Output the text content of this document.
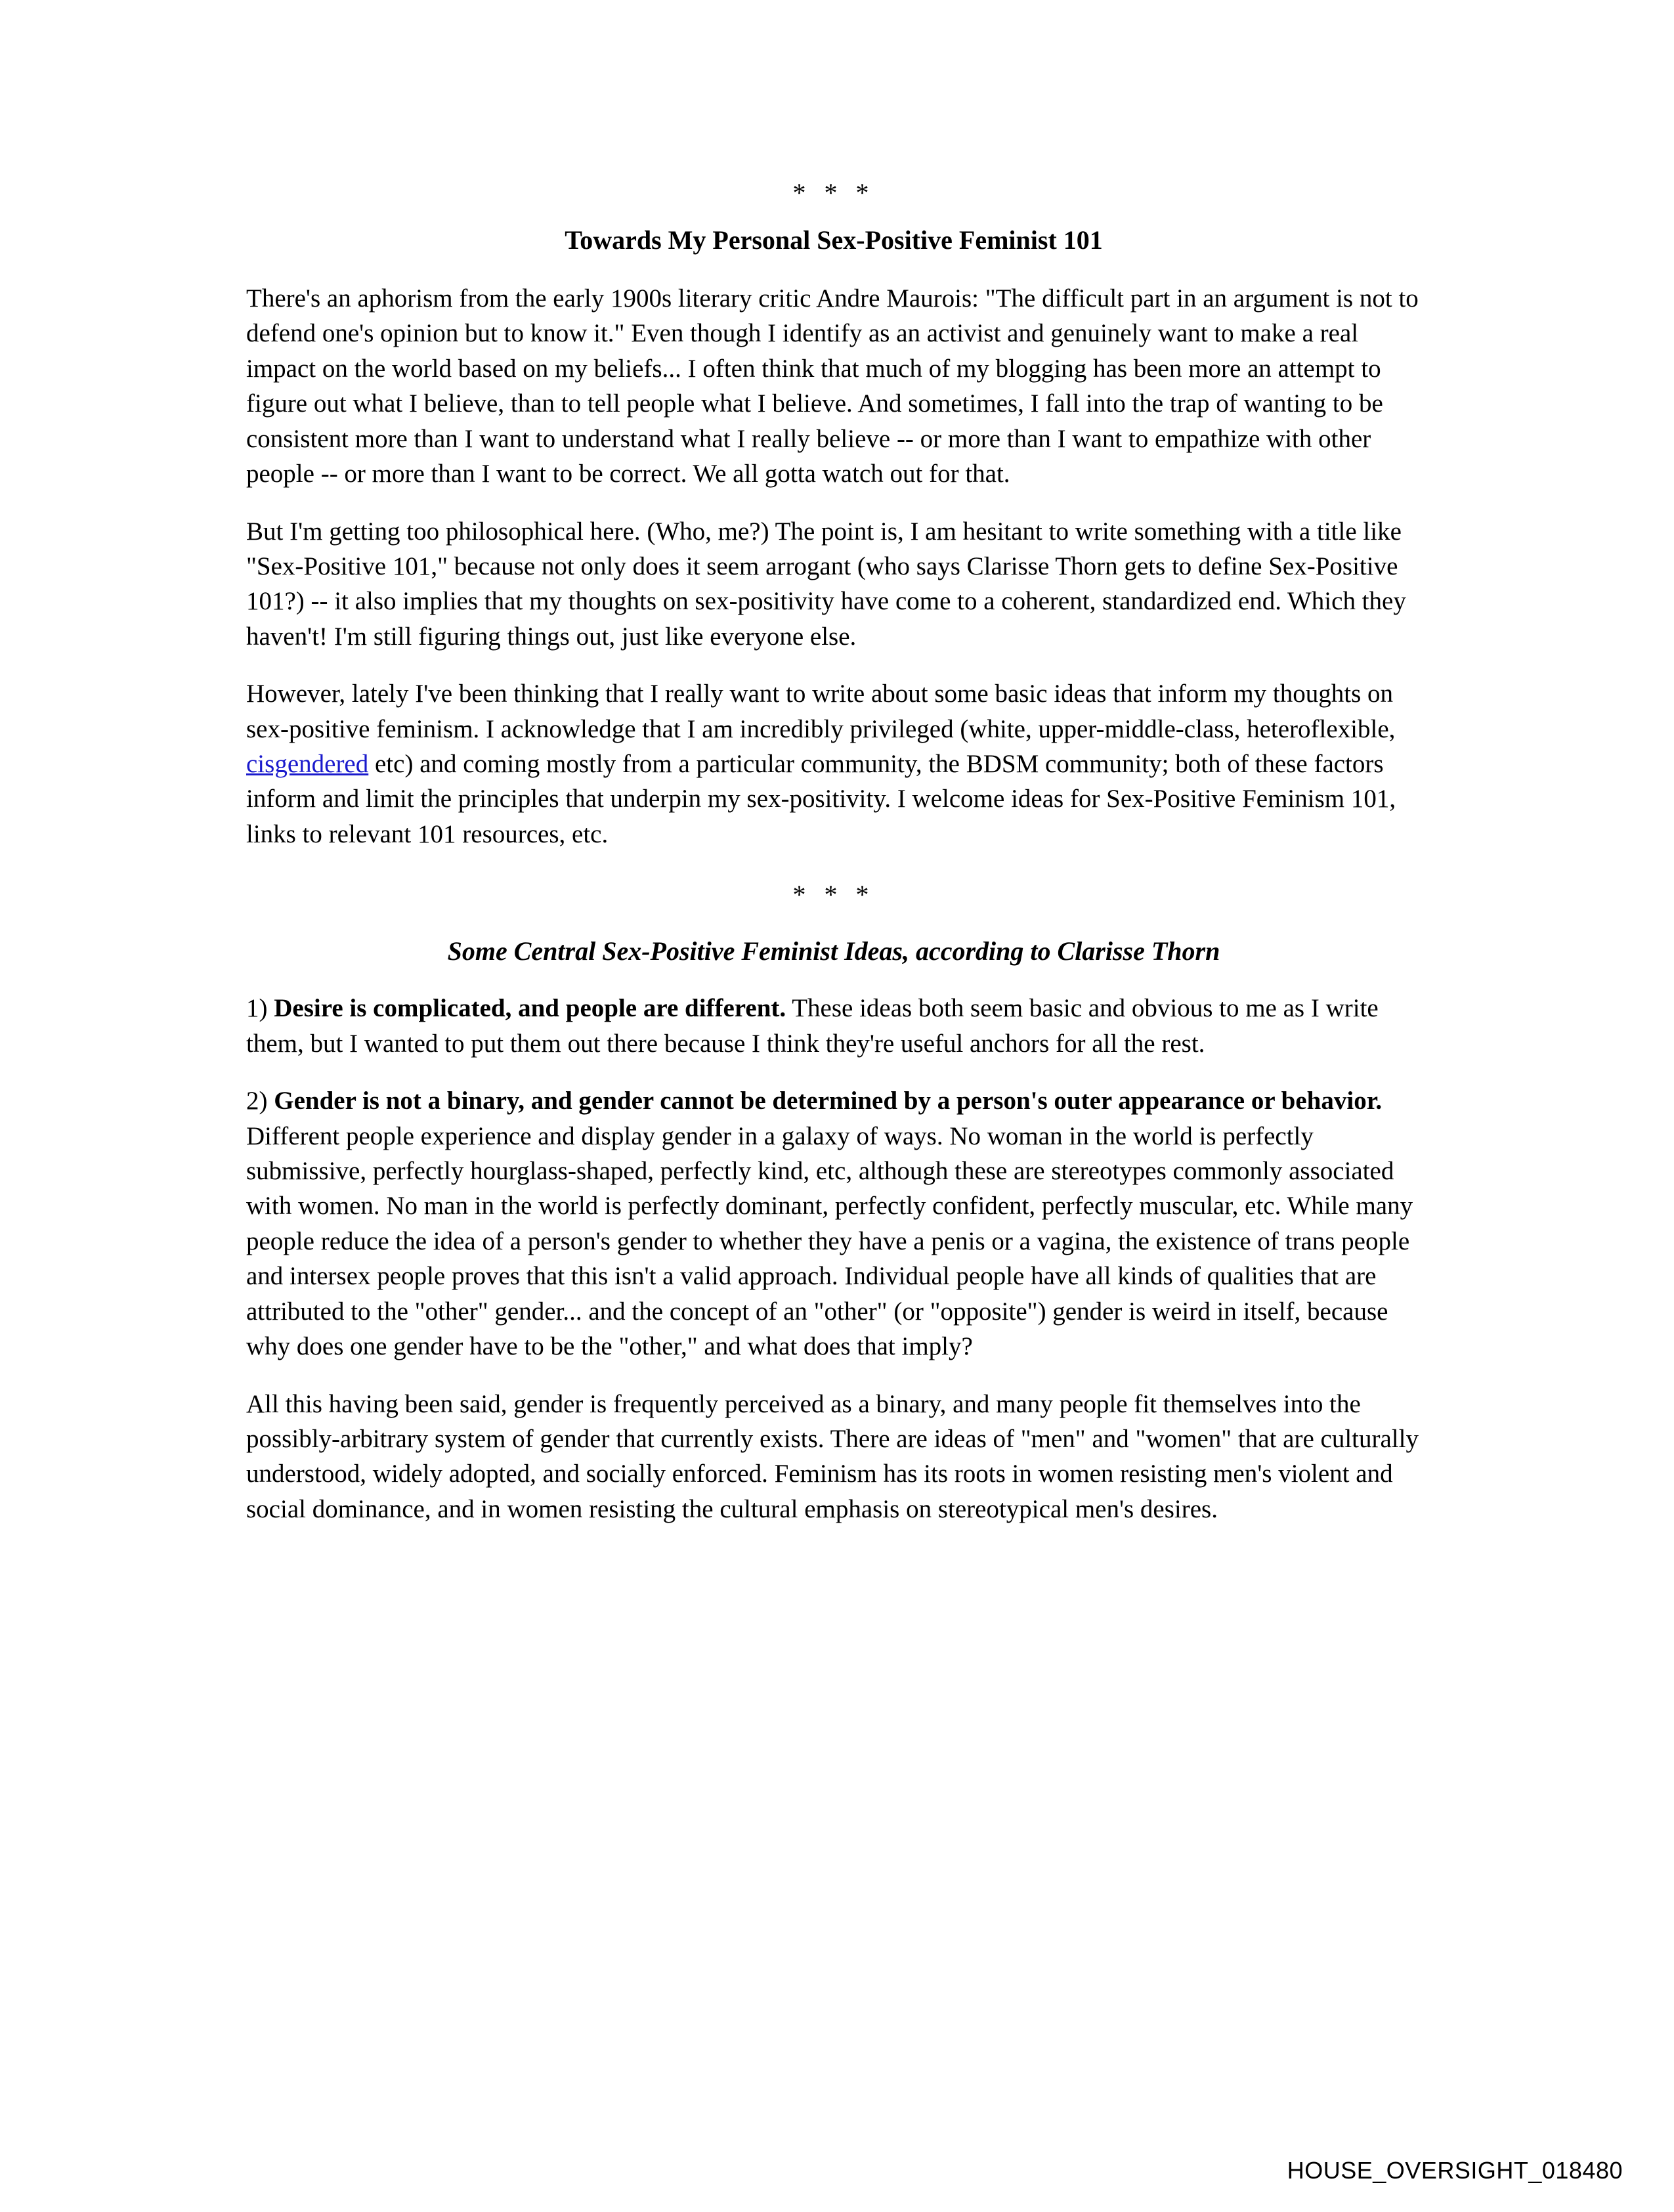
* * *
Towards My Personal Sex-Positive Feminist 101

There's an aphorism from the early 1900s literary critic Andre Maurois: "The difficult part in an argument is not to defend one's opinion but to know it." Even though I identify as an activist and genuinely want to make a real impact on the world based on my beliefs... I often think that much of my blogging has been more an attempt to figure out what I believe, than to tell people what I believe. And sometimes, I fall into the trap of wanting to be consistent more than I want to understand what I really believe -- or more than I want to empathize with other people -- or more than I want to be correct. We all gotta watch out for that.

But I'm getting too philosophical here. (Who, me?) The point is, I am hesitant to write something with a title like "Sex-Positive 101," because not only does it seem arrogant (who says Clarisse Thorn gets to define Sex-Positive 101?) -- it also implies that my thoughts on sex-positivity have come to a coherent, standardized end. Which they haven't! I'm still figuring things out, just like everyone else.

However, lately I've been thinking that I really want to write about some basic ideas that inform my thoughts on sex-positive feminism. I acknowledge that I am incredibly privileged (white, upper-middle-class, heteroflexible, cisgendered etc) and coming mostly from a particular community, the BDSM community; both of these factors inform and limit the principles that underpin my sex-positivity. I welcome ideas for Sex-Positive Feminism 101, links to relevant 101 resources, etc.

* * *
Some Central Sex-Positive Feminist Ideas, according to Clarisse Thorn

1) Desire is complicated, and people are different. These ideas both seem basic and obvious to me as I write them, but I wanted to put them out there because I think they're useful anchors for all the rest.

2) Gender is not a binary, and gender cannot be determined by a person's outer appearance or behavior. Different people experience and display gender in a galaxy of ways. No woman in the world is perfectly submissive, perfectly hourglass-shaped, perfectly kind, etc, although these are stereotypes commonly associated with women. No man in the world is perfectly dominant, perfectly confident, perfectly muscular, etc. While many people reduce the idea of a person's gender to whether they have a penis or a vagina, the existence of trans people and intersex people proves that this isn't a valid approach. Individual people have all kinds of qualities that are attributed to the "other" gender... and the concept of an "other" (or "opposite") gender is weird in itself, because why does one gender have to be the "other," and what does that imply?

All this having been said, gender is frequently perceived as a binary, and many people fit themselves into the possibly-arbitrary system of gender that currently exists. There are ideas of "men" and "women" that are culturally understood, widely adopted, and socially enforced. Feminism has its roots in women resisting men's violent and social dominance, and in women resisting the cultural emphasis on stereotypical men's desires.

HOUSE_OVERSIGHT_018480
